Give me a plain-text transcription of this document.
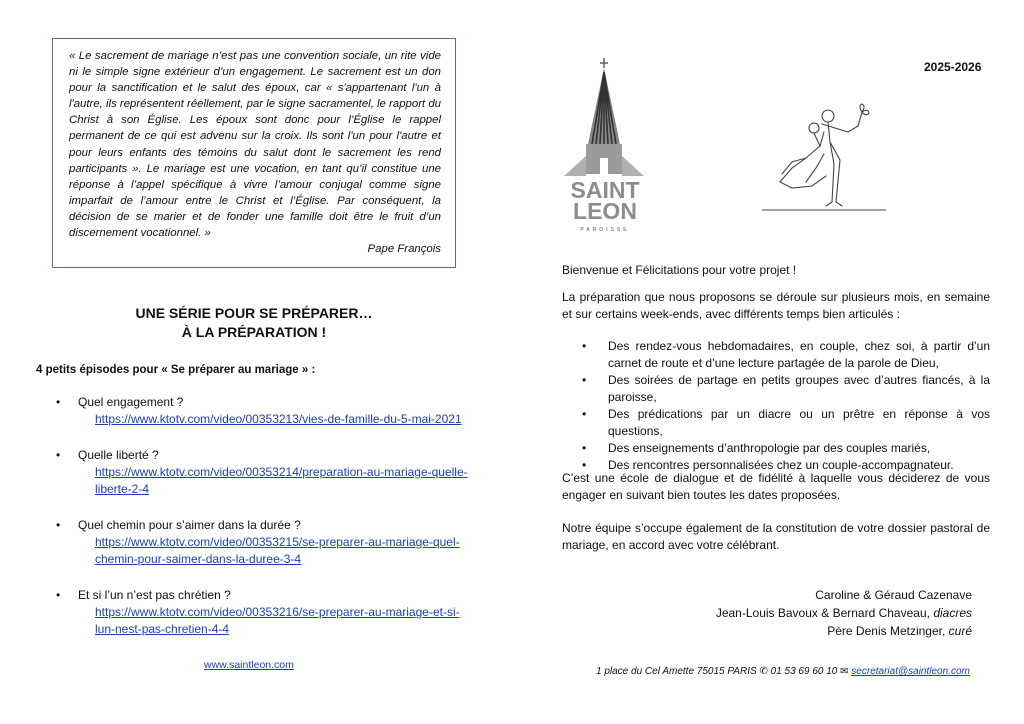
« Le sacrement de mariage n’est pas une convention sociale, un rite vide ni le simple signe extérieur d’un engagement. Le sacrement est un don pour la sanctification et le salut des époux, car « s'appartenant l'un à l'autre, ils représentent réellement, par le signe sacramentel, le rapport du Christ à son Église. Les époux sont donc pour l’Église le rappel permanent de ce qui est advenu sur la croix. Ils sont l'un pour l'autre et pour leurs enfants des témoins du salut dont le sacrement les rend participants ». Le mariage est une vocation, en tant qu’il constitue une réponse à l’appel spécifique à vivre l’amour conjugal comme signe imparfait de l’amour entre le Christ et l’Église. Par conséquent, la décision de se marier et de fonder une famille doit être le fruit d’un discernement vocationnel. »

Pape François
UNE SÉRIE POUR SE PRÉPARER…
À LA PRÉPARATION !
4 petits épisodes pour « Se préparer au mariage » :
• Quel engagement ?
https://www.ktotv.com/video/00353213/vies-de-famille-du-5-mai-2021
• Quelle liberté ?
https://www.ktotv.com/video/00353214/preparation-au-mariage-quelle-liberte-2-4
• Quel chemin pour s’aimer dans la durée ?
https://www.ktotv.com/video/00353215/se-preparer-au-mariage-quel-chemin-pour-saimer-dans-la-duree-3-4
• Et si l’un n’est pas chrétien ?
https://www.ktotv.com/video/00353216/se-preparer-au-mariage-et-si-lun-nest-pas-chretien-4-4
www.saintleon.com
2025-2026
SAINT
LEON
PAROISSE

Bienvenue et Félicitations pour votre projet !

La préparation que nous proposons se déroule sur plusieurs mois, en semaine et sur certains week-ends, avec différents temps bien articulés :

• Des rendez-vous hebdomadaires, en couple, chez soi, à partir d’un carnet de route et d’une lecture partagée de la parole de Dieu,
• Des soirées de partage en petits groupes avec d’autres fiancés, à la paroisse,
• Des prédications par un diacre ou un prêtre en réponse à vos questions,
• Des enseignements d’anthropologie par des couples mariés,
• Des rencontres personnalisées chez un couple-accompagnateur.

C’est une école de dialogue et de fidélité à laquelle vous déciderez de vous engager en suivant bien toutes les dates proposées.

Notre équipe s’occupe également de la constitution de votre dossier pastoral de mariage, en accord avec votre célébrant.

Caroline & Géraud Cazenave
Jean-Louis Bavoux & Bernard Chaveau, diacres
Père Denis Metzinger, curé
1 place du Cel Amette 75015 PARIS ✆ 01 53 69 60 10 ✉ secretariat@saintleon.com
